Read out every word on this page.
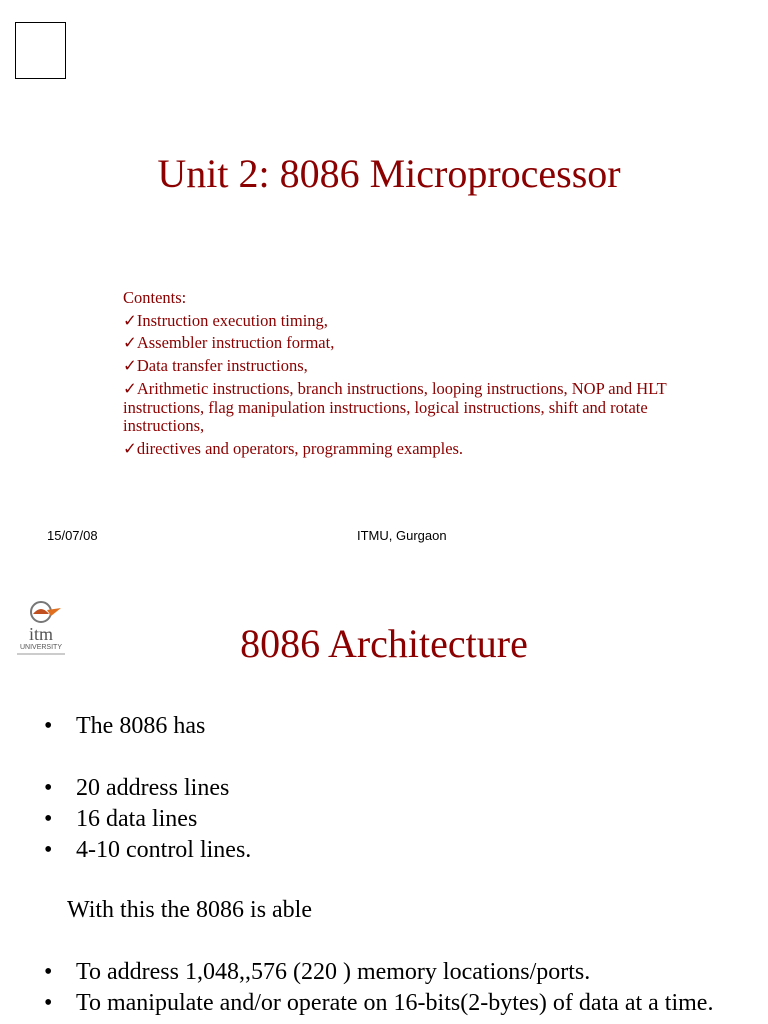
Unit 2: 8086 Microprocessor
Contents:
✓Instruction execution timing,
✓Assembler instruction format,
✓Data transfer instructions,
✓Arithmetic instructions, branch instructions, looping instructions, NOP and HLT instructions, flag manipulation instructions, logical instructions, shift and rotate instructions,
✓directives and operators, programming examples.
15/07/08	ITMU, Gurgaon
itm
UNIVERSITY	8086 Architecture
• The 8086 has
• 20 address lines
• 16 data lines
• 4-10 control lines.
With this the 8086 is able
• To address 1,048,,576 (220 ) memory locations/ports.
• To manipulate and/or operate on 16-bits(2-bytes) of data at a time.
